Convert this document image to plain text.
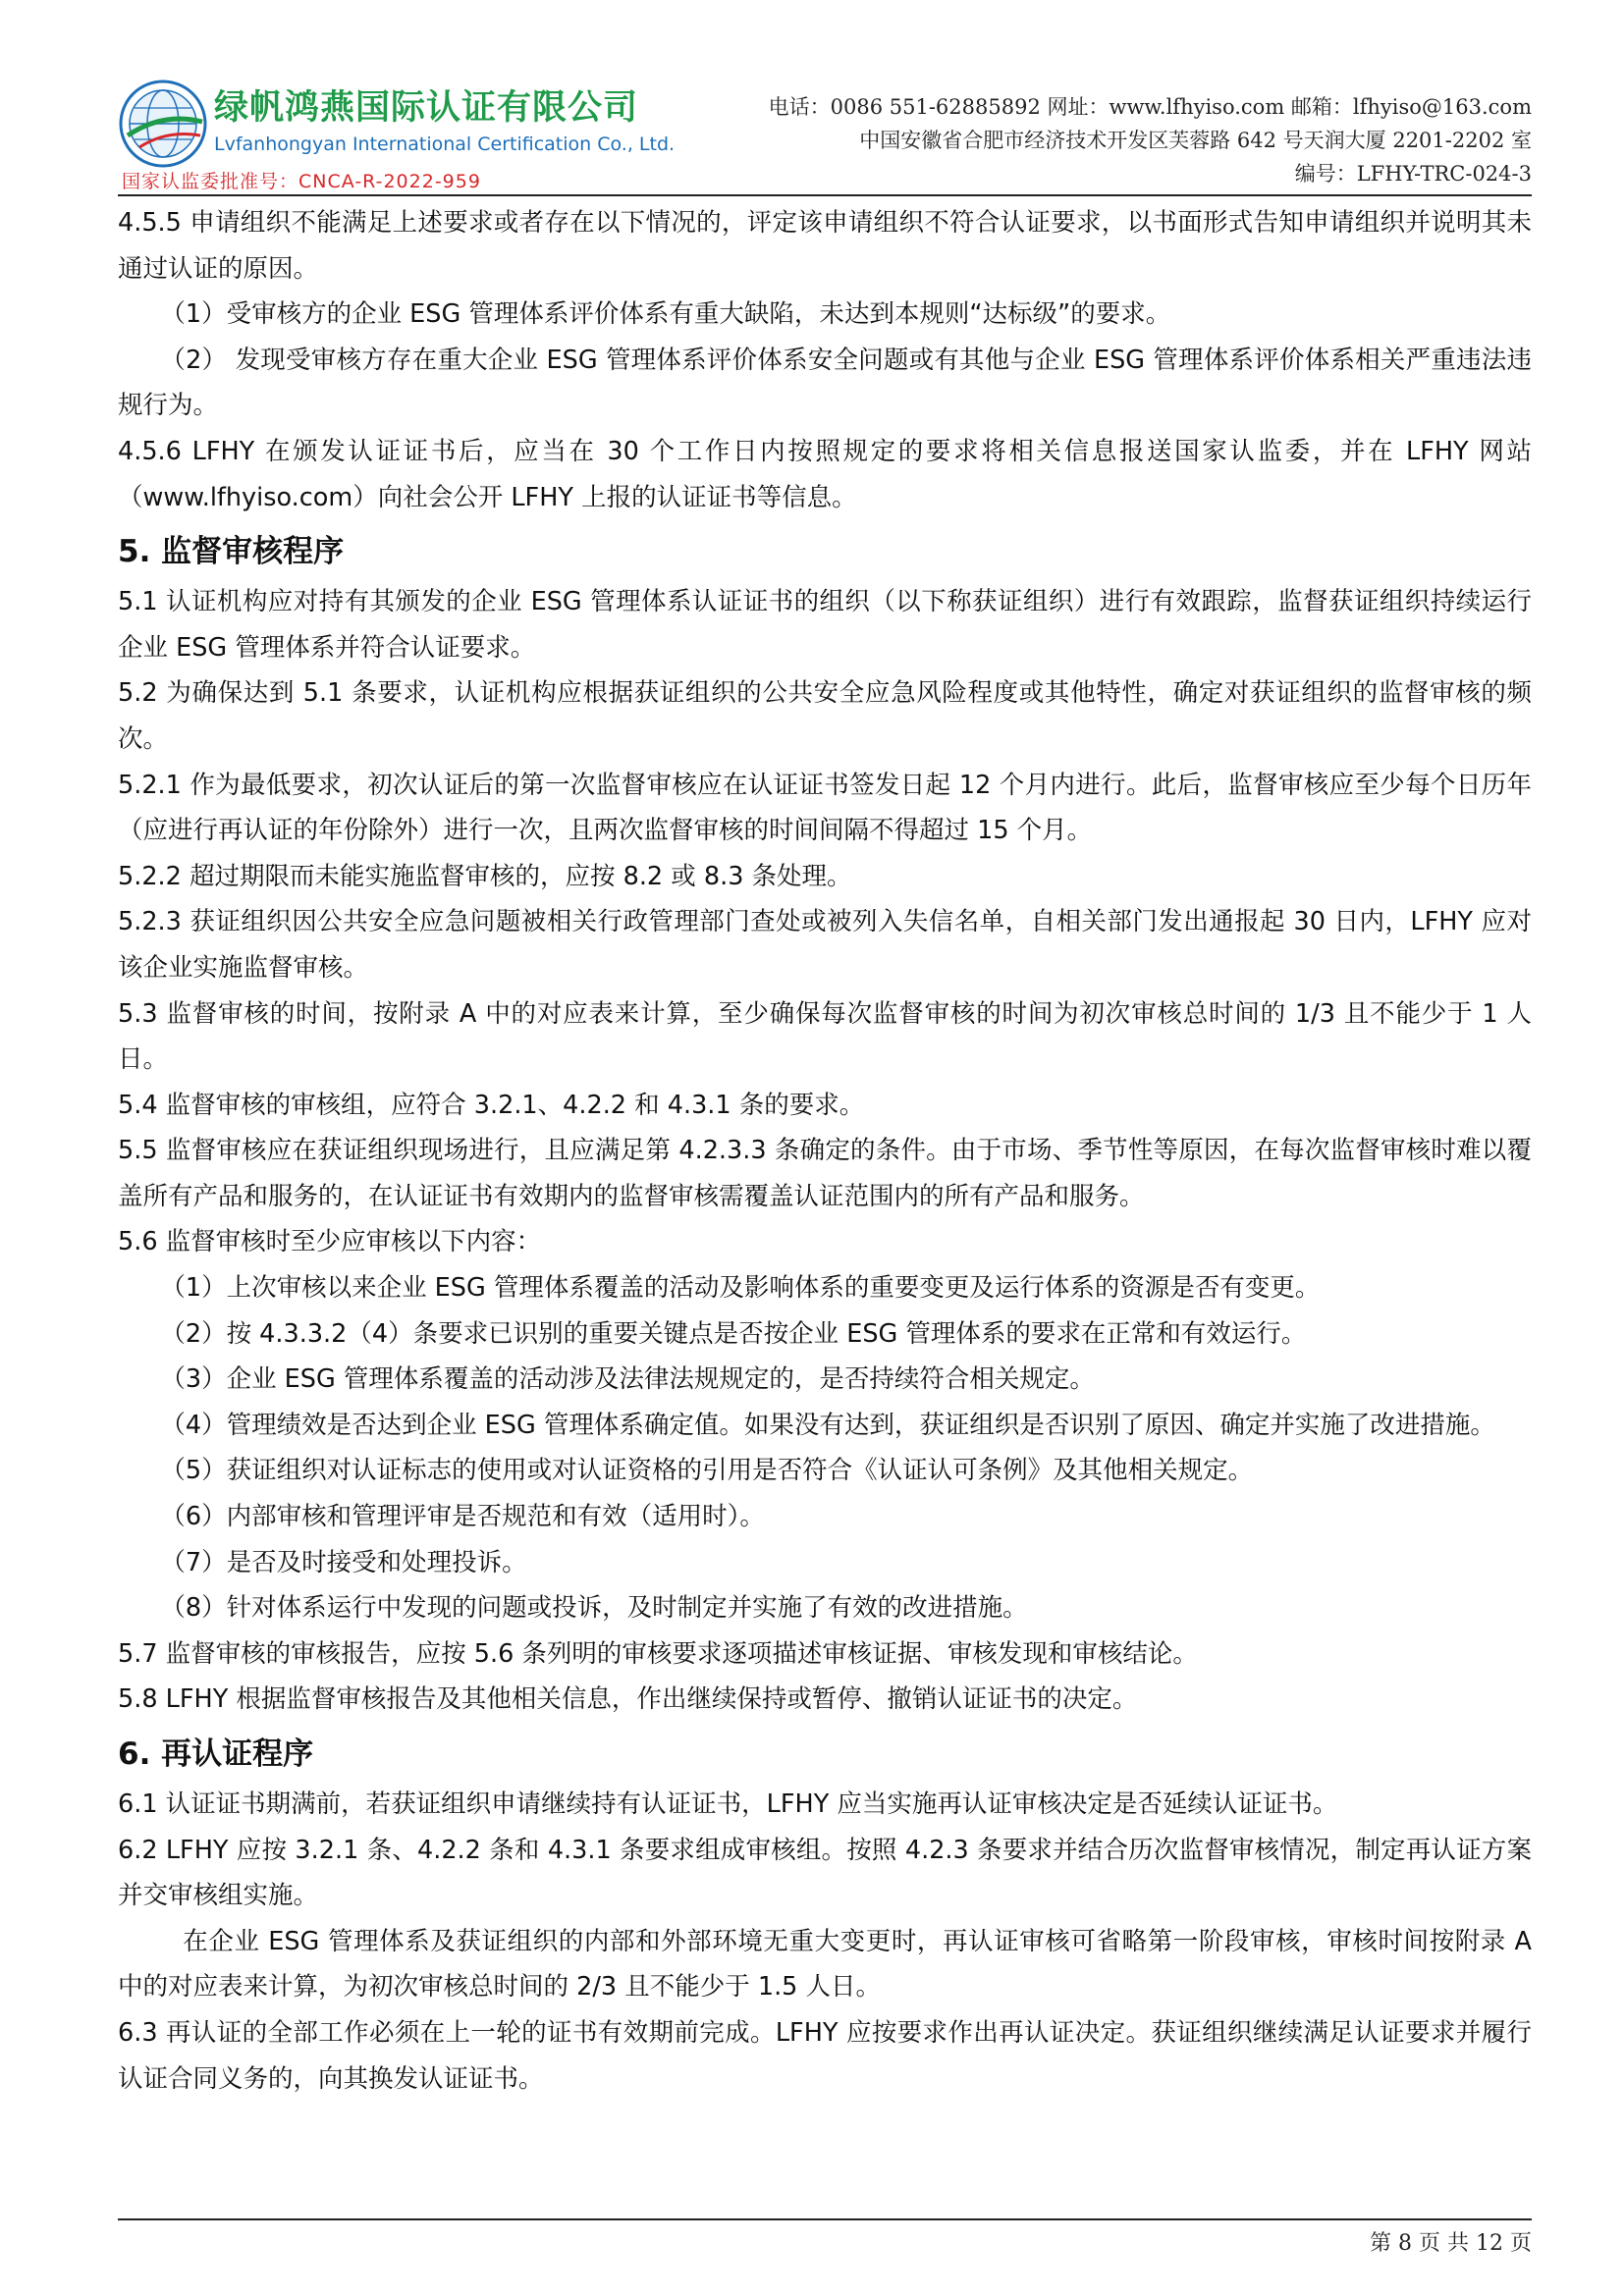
绿帆鸿燕国际认证有限公司
Lvfanhongyan International Certification Co., Ltd.
国家认监委批准号：CNCA-R-2022-959
电话：0086 551-62885892 网址：www.lfhyiso.com 邮箱：lfhyiso@163.com
中国安徽省合肥市经济技术开发区芙蓉路 642 号天润大厦 2201-2202 室
编号：LFHY-TRC-024-3

4.5.5 申请组织不能满足上述要求或者存在以下情况的，评定该申请组织不符合认证要求，以书面形式告知申请组织并说明其未通过认证的原因。

（1）受审核方的企业 ESG 管理体系评价体系有重大缺陷，未达到本规则“达标级”的要求。

（2） 发现受审核方存在重大企业 ESG 管理体系评价体系安全问题或有其他与企业 ESG 管理体系评价体系相关严重违法违规行为。

4.5.6 LFHY 在颁发认证证书后，应当在 30 个工作日内按照规定的要求将相关信息报送国家认监委，并在 LFHY 网站（www.lfhyiso.com）向社会公开 LFHY 上报的认证证书等信息。

5. 监督审核程序

5.1 认证机构应对持有其颁发的企业 ESG 管理体系认证证书的组织（以下称获证组织）进行有效跟踪，监督获证组织持续运行企业 ESG 管理体系并符合认证要求。

5.2 为确保达到 5.1 条要求，认证机构应根据获证组织的公共安全应急风险程度或其他特性，确定对获证组织的监督审核的频次。

5.2.1 作为最低要求，初次认证后的第一次监督审核应在认证证书签发日起 12 个月内进行。此后，监督审核应至少每个日历年（应进行再认证的年份除外）进行一次，且两次监督审核的时间间隔不得超过 15 个月。

5.2.2 超过期限而未能实施监督审核的，应按 8.2 或 8.3 条处理。

5.2.3 获证组织因公共安全应急问题被相关行政管理部门查处或被列入失信名单，自相关部门发出通报起 30 日内，LFHY 应对该企业实施监督审核。

5.3 监督审核的时间，按附录 A 中的对应表来计算，至少确保每次监督审核的时间为初次审核总时间的 1/3 且不能少于 1 人日。

5.4 监督审核的审核组，应符合 3.2.1、4.2.2 和 4.3.1 条的要求。

5.5 监督审核应在获证组织现场进行，且应满足第 4.2.3.3 条确定的条件。由于市场、季节性等原因，在每次监督审核时难以覆盖所有产品和服务的，在认证证书有效期内的监督审核需覆盖认证范围内的所有产品和服务。

5.6 监督审核时至少应审核以下内容：

（1）上次审核以来企业 ESG 管理体系覆盖的活动及影响体系的重要变更及运行体系的资源是否有变更。

（2）按 4.3.3.2（4）条要求已识别的重要关键点是否按企业 ESG 管理体系的要求在正常和有效运行。

（3）企业 ESG 管理体系覆盖的活动涉及法律法规规定的，是否持续符合相关规定。

（4）管理绩效是否达到企业 ESG 管理体系确定值。如果没有达到，获证组织是否识别了原因、确定并实施了改进措施。

（5）获证组织对认证标志的使用或对认证资格的引用是否符合《认证认可条例》及其他相关规定。

（6）内部审核和管理评审是否规范和有效（适用时）。

（7）是否及时接受和处理投诉。

（8）针对体系运行中发现的问题或投诉，及时制定并实施了有效的改进措施。

5.7 监督审核的审核报告，应按 5.6 条列明的审核要求逐项描述审核证据、审核发现和审核结论。

5.8 LFHY 根据监督审核报告及其他相关信息，作出继续保持或暂停、撤销认证证书的决定。

6. 再认证程序

6.1 认证证书期满前，若获证组织申请继续持有认证证书，LFHY 应当实施再认证审核决定是否延续认证证书。

6.2 LFHY 应按 3.2.1 条、4.2.2 条和 4.3.1 条要求组成审核组。按照 4.2.3 条要求并结合历次监督审核情况，制定再认证方案并交审核组实施。

在企业 ESG 管理体系及获证组织的内部和外部环境无重大变更时，再认证审核可省略第一阶段审核，审核时间按附录 A 中的对应表来计算，为初次审核总时间的 2/3 且不能少于 1.5 人日。

6.3 再认证的全部工作必须在上一轮的证书有效期前完成。LFHY 应按要求作出再认证决定。获证组织继续满足认证要求并履行认证合同义务的，向其换发认证证书。

第 8 页 共 12 页
